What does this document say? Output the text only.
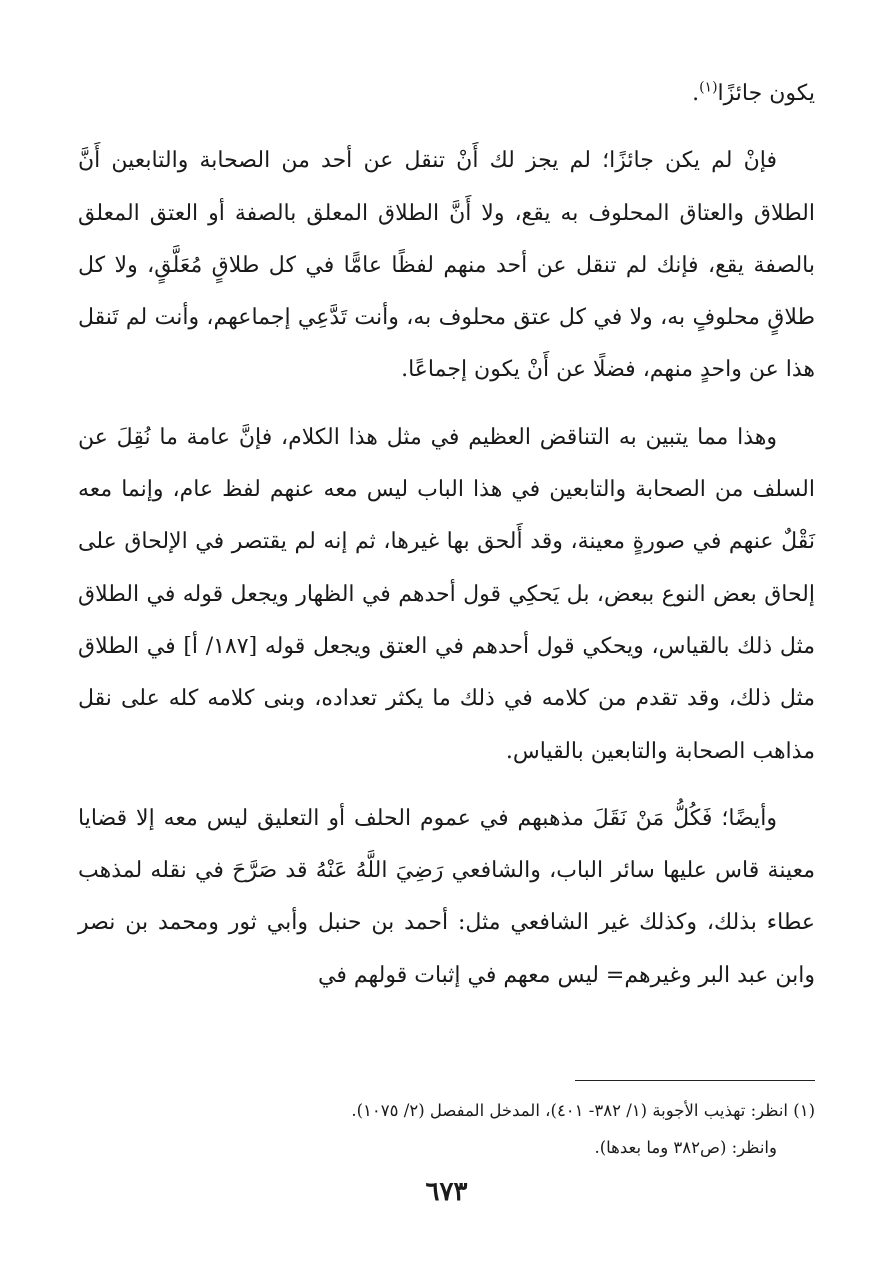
يكون جائزًا$^{(١)}$.

فإنْ لم يكن جائزًا؛ لم يجز لك أَنْ تنقل عن أحد من الصحابة والتابعين أَنَّ الطلاق والعتاق المحلوف به يقع، ولا أَنَّ الطلاق المعلق بالصفة أو العتق المعلق بالصفة يقع، فإنك لم تنقل عن أحد منهم لفظًا عامًّا في كل طلاقٍ مُعَلَّقٍ، ولا كل طلاقٍ محلوفٍ به، ولا في كل عتق محلوف به، وأنت تَدَّعِي إجماعهم، وأنت لم تَنقل هذا عن واحدٍ منهم، فضلًا عن أَنْ يكون إجماعًا.

وهذا مما يتبين به التناقض العظيم في مثل هذا الكلام، فإنَّ عامة ما نُقِلَ عن السلف من الصحابة والتابعين في هذا الباب ليس معه عنهم لفظ عام، وإنما معه نَقْلٌ عنهم في صورةٍ معينة، وقد أَلحق بها غيرها، ثم إنه لم يقتصر في الإلحاق على إلحاق بعض النوع ببعض، بل يَحكِي قول أحدهم في الظهار ويجعل قوله في الطلاق مثل ذلك بالقياس، ويحكي قول أحدهم في العتق ويجعل قوله [١٨٧/ أ] في الطلاق مثل ذلك، وقد تقدم من كلامه في ذلك ما يكثر تعداده، وبنى كلامه كله على نقل مذاهب الصحابة والتابعين بالقياس.

وأيضًا؛ فَكُلُّ مَنْ نَقَلَ مذهبهم في عموم الحلف أو التعليق ليس معه إلا قضايا معينة قاس عليها سائر الباب، والشافعي رَضِيَ اللَّهُ عَنْهُ قد صَرَّحَ في نقله لمذهب عطاء بذلك، وكذلك غير الشافعي مثل: أحمد بن حنبل وأبي ثور ومحمد بن نصر وابن عبد البر وغيرهم= ليس معهم في إثبات قولهم في

(١) انظر: تهذيب الأجوبة (١/ ٣٨٢- ٤٠١)، المدخل المفصل (٢/ ١٠٧٥).

وانظر: (ص٣٨٢ وما بعدها).

٦٧٣
